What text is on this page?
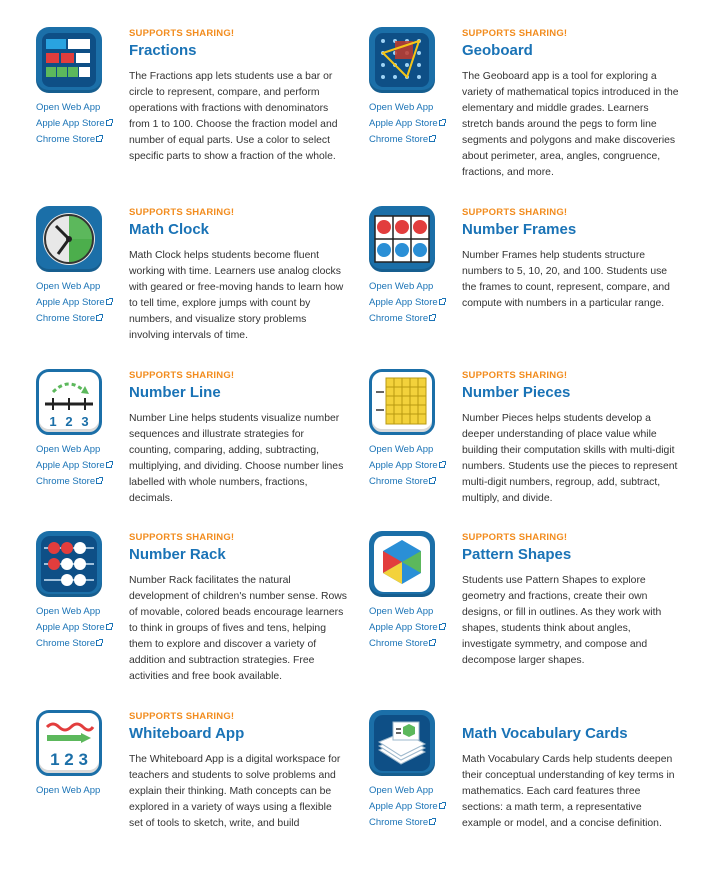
Open Web App
Apple App Store
Chrome Store
SUPPORTS SHARING!
Fractions

The Fractions app lets students use a bar or circle to represent, compare, and perform operations with fractions with denominators from 1 to 100. Choose the fraction model and number of equal parts. Use a color to select specific parts to show a fraction of the whole.

Open Web App
Apple App Store
Chrome Store
SUPPORTS SHARING!
Geoboard

The Geoboard app is a tool for exploring a variety of mathematical topics introduced in the elementary and middle grades. Learners stretch bands around the pegs to form line segments and polygons and make discoveries about perimeter, area, angles, congruence, fractions, and more.

Open Web App
Apple App Store
Chrome Store
SUPPORTS SHARING!
Math Clock

Math Clock helps students become fluent working with time. Learners use analog clocks with geared or free-moving hands to learn how to tell time, explore jumps with count by numbers, and visualize story problems involving intervals of time.

Open Web App
Apple App Store
Chrome Store
SUPPORTS SHARING!
Number Frames

Number Frames help students structure numbers to 5, 10, 20, and 100. Students use the frames to count, represent, compare, and compute with numbers in a particular range.

1 2 3
Open Web App
Apple App Store
Chrome Store
SUPPORTS SHARING!
Number Line

Number Line helps students visualize number sequences and illustrate strategies for counting, comparing, adding, subtracting, multiplying, and dividing. Choose number lines labelled with whole numbers, fractions, decimals.

Open Web App
Apple App Store
Chrome Store
SUPPORTS SHARING!
Number Pieces

Number Pieces helps students develop a deeper understanding of place value while building their computation skills with multi-digit numbers. Students use the pieces to represent multi-digit numbers, regroup, add, subtract, multiply, and divide.

Open Web App
Apple App Store
Chrome Store
SUPPORTS SHARING!
Number Rack

Number Rack facilitates the natural development of children's number sense. Rows of movable, colored beads encourage learners to think in groups of fives and tens, helping them to explore and discover a variety of addition and subtraction strategies. Free activities and free book available.

Open Web App
Apple App Store
Chrome Store
SUPPORTS SHARING!
Pattern Shapes

Students use Pattern Shapes to explore geometry and fractions, create their own designs, or fill in outlines. As they work with shapes, students think about angles, investigate symmetry, and compose and decompose larger shapes.

1 2 3
Open Web App
SUPPORTS SHARING!
Whiteboard App

The Whiteboard App is a digital workspace for teachers and students to solve problems and explain their thinking. Math concepts can be explored in a variety of ways using a flexible set of tools to sketch, write, and build

Open Web App
Apple App Store
Chrome Store
Math Vocabulary Cards

Math Vocabulary Cards help students deepen their conceptual understanding of key terms in mathematics. Each card features three sections: a math term, a representative example or model, and a concise definition.
